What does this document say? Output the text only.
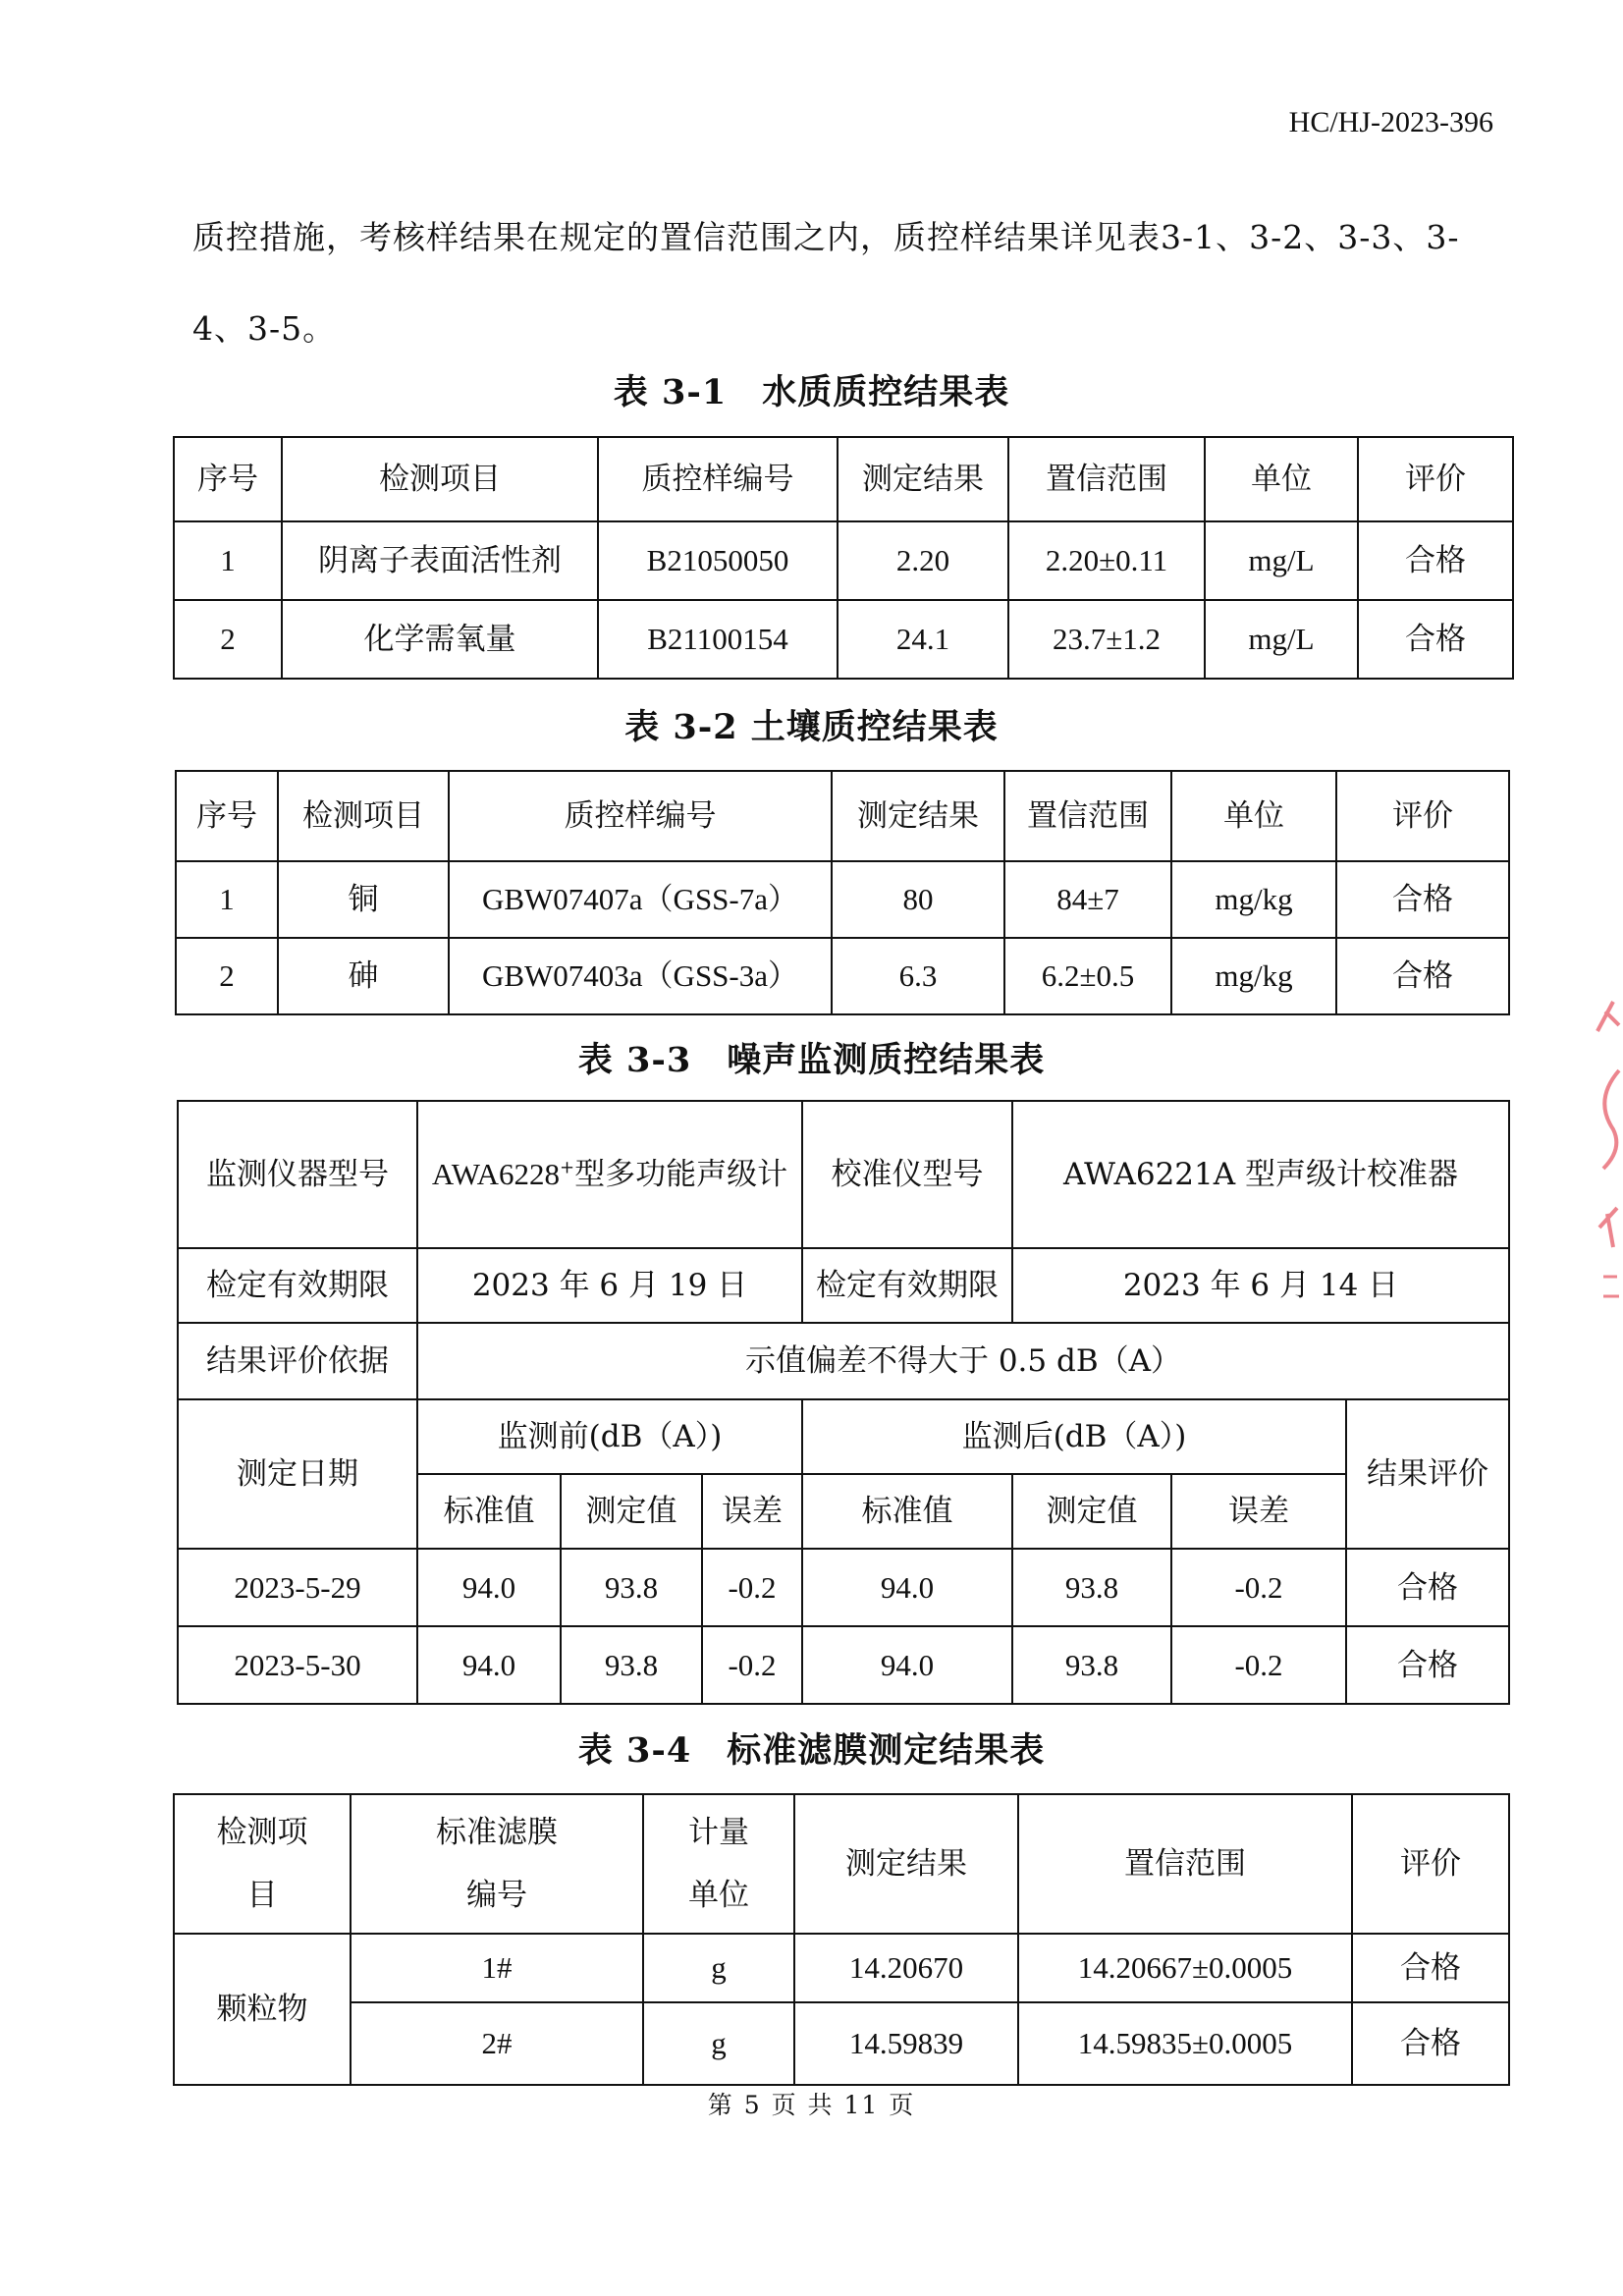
HC/HJ-2023-396
质控措施，考核样结果在规定的置信范围之内，质控样结果详见表3-1、3-2、3-3、3-4、3-5。
表 3-1　水质质控结果表
序号	检测项目	质控样编号	测定结果	置信范围	单位	评价
1	阴离子表面活性剂	B21050050	2.20	2.20±0.11	mg/L	合格
2	化学需氧量	B21100154	24.1	23.7±1.2	mg/L	合格
表 3-2 土壤质控结果表
序号	检测项目	质控样编号	测定结果	置信范围	单位	评价
1	铜	GBW07407a（GSS-7a）	80	84±7	mg/kg	合格
2	砷	GBW07403a（GSS-3a）	6.3	6.2±0.5	mg/kg	合格
表 3-3　噪声监测质控结果表
监测仪器型号	AWA6228+型多功能声级计			校准仪型号	AWA6221A 型声级计校准器		
检定有效期限	2023 年 6 月 19 日			检定有效期限	2023 年 6 月 14 日		
结果评价依据	示值偏差不得大于 0.5 dB（A）						
测定日期	监测前(dB（A）)			监测后(dB（A）)			结果评价
	标准值	测定值	误差	标准值	测定值	误差	
2023-5-29	94.0	93.8	-0.2	94.0	93.8	-0.2	合格
2023-5-30	94.0	93.8	-0.2	94.0	93.8	-0.2	合格
表 3-4　标准滤膜测定结果表
检测项目	标准滤膜编号	计量单位	测定结果	置信范围	评价
颗粒物	1#	g	14.20670	14.20667±0.0005	合格
	2#	g	14.59839	14.59835±0.0005	合格
第 5 页 共 11 页
